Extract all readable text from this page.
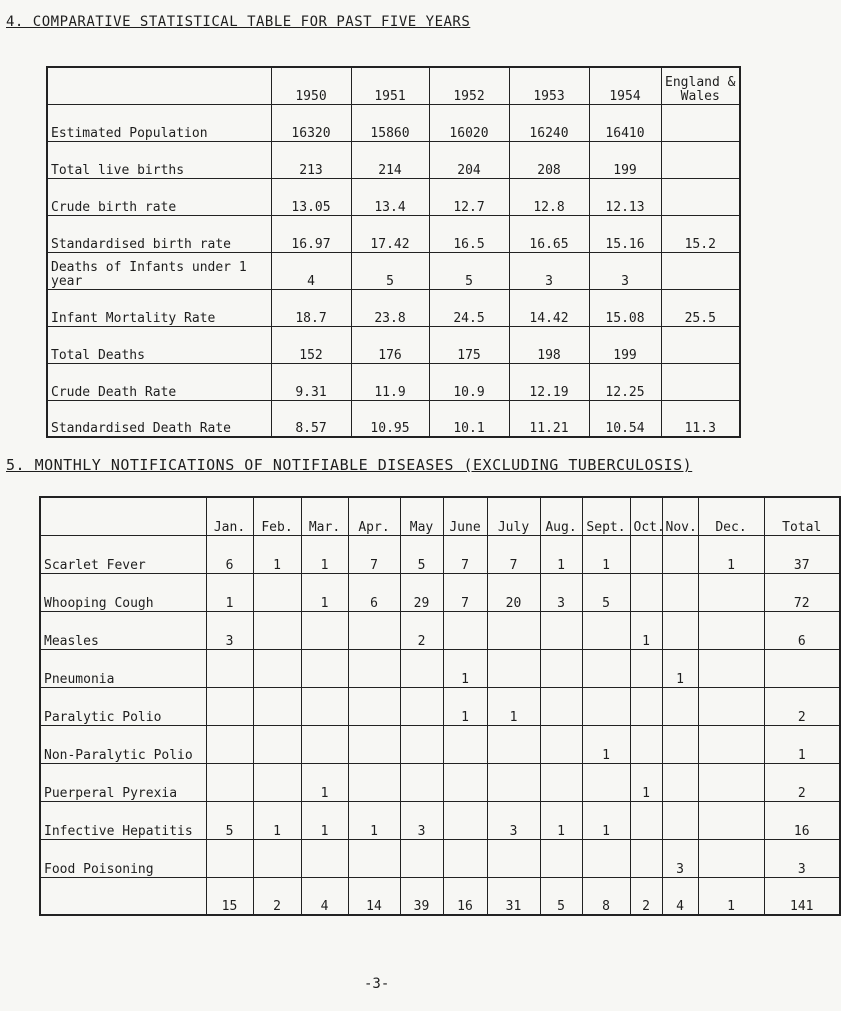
4. COMPARATIVE STATISTICAL TABLE FOR PAST FIVE YEARS
	1950	1951	1952	1953	1954	England & Wales
Estimated Population	16320	15860	16020	16240	16410	
Total live births	213	214	204	208	199	
Crude birth rate	13.05	13.4	12.7	12.8	12.13	
Standardised birth rate	16.97	17.42	16.5	16.65	15.16	15.2
Deaths of Infants under 1 year	4	5	5	3	3	
Infant Mortality Rate	18.7	23.8	24.5	14.42	15.08	25.5
Total Deaths	152	176	175	198	199	
Crude Death Rate	9.31	11.9	10.9	12.19	12.25	
Standardised Death Rate	8.57	10.95	10.1	11.21	10.54	11.3
5. MONTHLY NOTIFICATIONS OF NOTIFIABLE DISEASES (EXCLUDING TUBERCULOSIS)
	Jan.	Feb.	Mar.	Apr.	May	June	July	Aug.	Sept.	Oct.	Nov.	Dec.	Total
Scarlet Fever	6	1	1	7	5	7	7	1	1			1	37
Whooping Cough	1		1	6	29	7	20	3	5				72
Measles	3				2					1			6
Pneumonia						1					1		
Paralytic Polio						1	1						2
Non-Paralytic Polio									1				1
Puerperal Pyrexia			1							1			2
Infective Hepatitis	5	1	1	1	3		3	1	1				16
Food Poisoning											3		3
	15	2	4	14	39	16	31	5	8	2	4	1	141
-3-
